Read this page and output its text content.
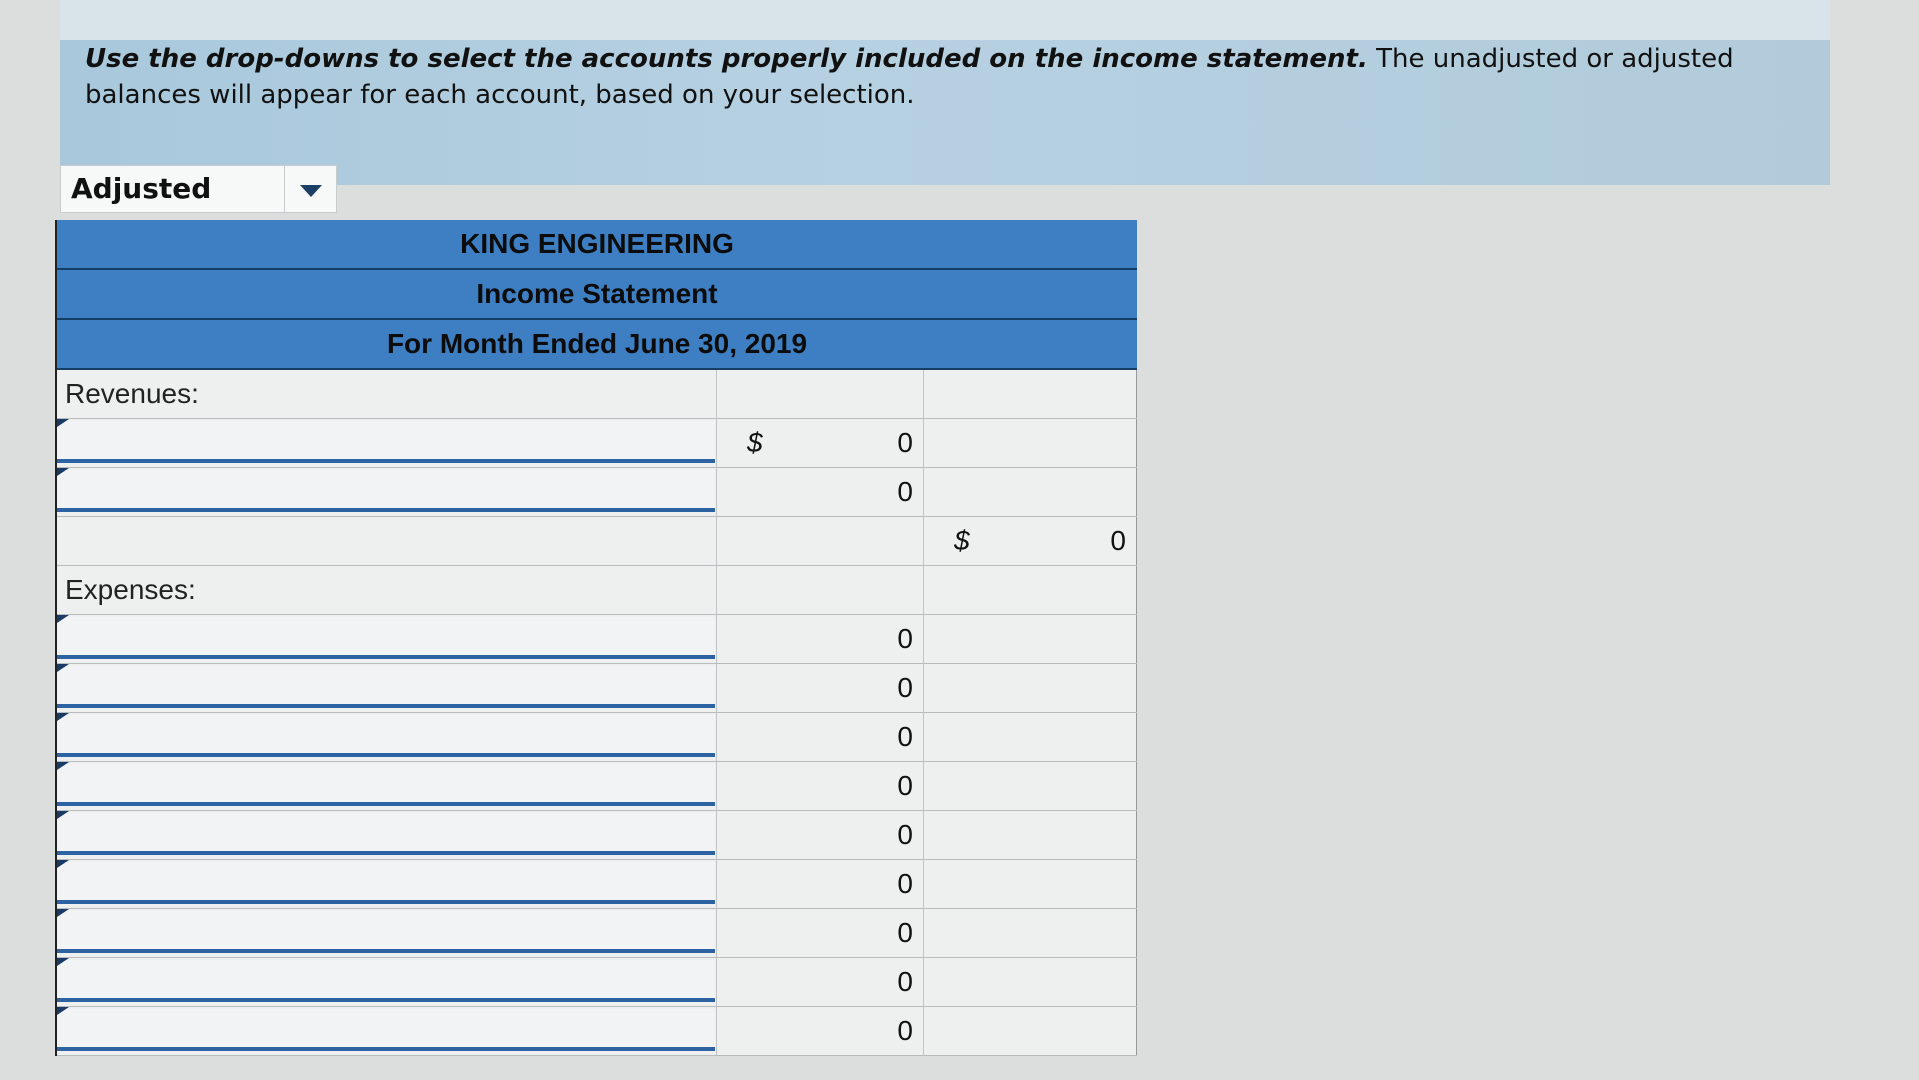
Use the drop-downs to select the accounts properly included on the income statement. The unadjusted or adjusted balances will appear for each account, based on your selection.

Adjusted
KING ENGINEERING
Income Statement
For Month Ended June 30, 2019
Revenues:
$	0
0
$	0
Expenses:
0
0
0
0
0
0
0
0
0
